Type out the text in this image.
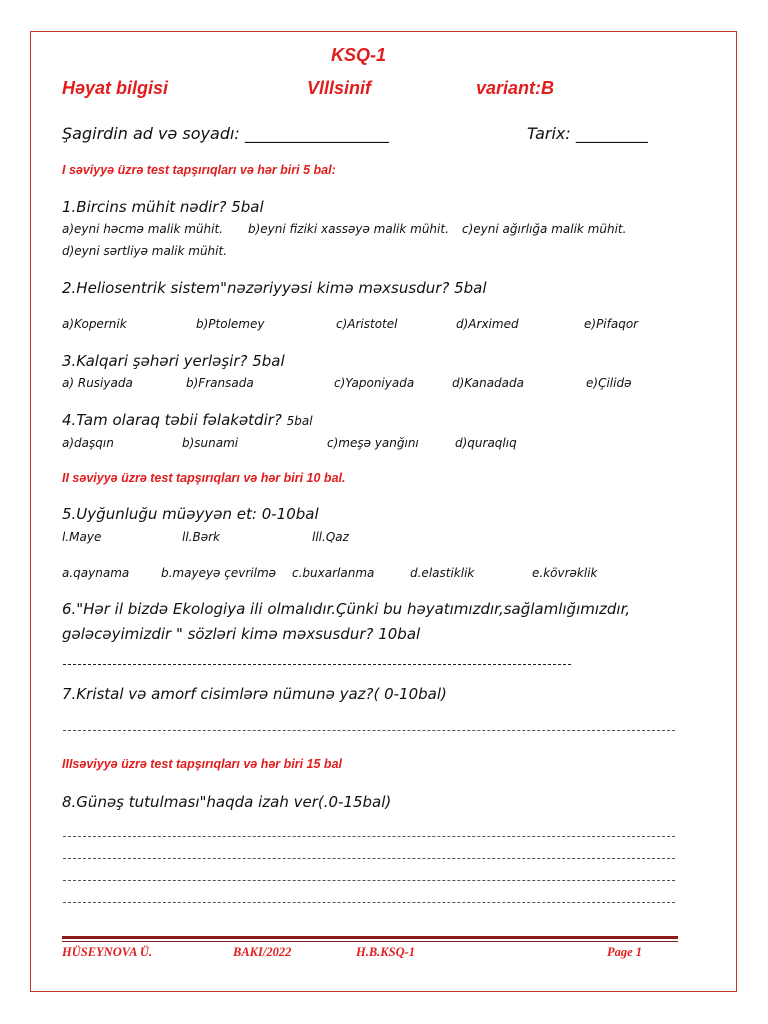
KSQ-1
Həyat bilgisi	Vlllsinif	variant:B
Şagirdin ad və soyadı: __________________	Tarix: _________
I səviyyə üzrə test tapşırıqları və hər biri 5 bal:
1.Bircins mühit nədir? 5bal
a)eyni həcmə malik mühit. b)eyni fiziki xassəyə malik mühit. c)eyni ağırlığa malik mühit.
d)eyni sərtliyə malik mühit.
2.Heliosentrik sistem"nəzəriyyəsi kimə məxsusdur? 5bal
a)Kopernik	b)Ptolemey	c)Aristotel	d)Arximed	e)Pifaqor
3.Kalqari şəhəri yerləşir? 5bal
a) Rusiyada	b)Fransada	c)Yaponiyada	d)Kanadada	e)Çilidə
4.Tam olaraq təbii fəlakətdir? 5bal
a)daşqın	b)sunami	c)meşə yanğını	d)quraqlıq
II səviyyə üzrə test tapşırıqları və hər biri 10 bal.
5.Uyğunluğu müəyyən et: 0-10bal
l.Maye	ll.Bərk	lll.Qaz
a.qaynama	b.mayeyə çevrilmə c.buxarlanma	d.elastiklik	e.kövrəklik
6."Hər il bizdə Ekologiya ili olmalıdır.Çünki bu həyatımızdır,sağlamlığımızdır,
gələcəyimizdir " sözləri kimə məxsusdur? 10bal
7.Kristal və amorf cisimlərə nümunə yaz?( 0-10bal)
IIIsəviyyə üzrə test tapşırıqları və hər biri 15 bal
8.Günəş tutulması"haqda izah ver(.0-15bal)
HÜSEYNOVA Ü.	BAKI/2022	H.B.KSQ-1	Page 1
